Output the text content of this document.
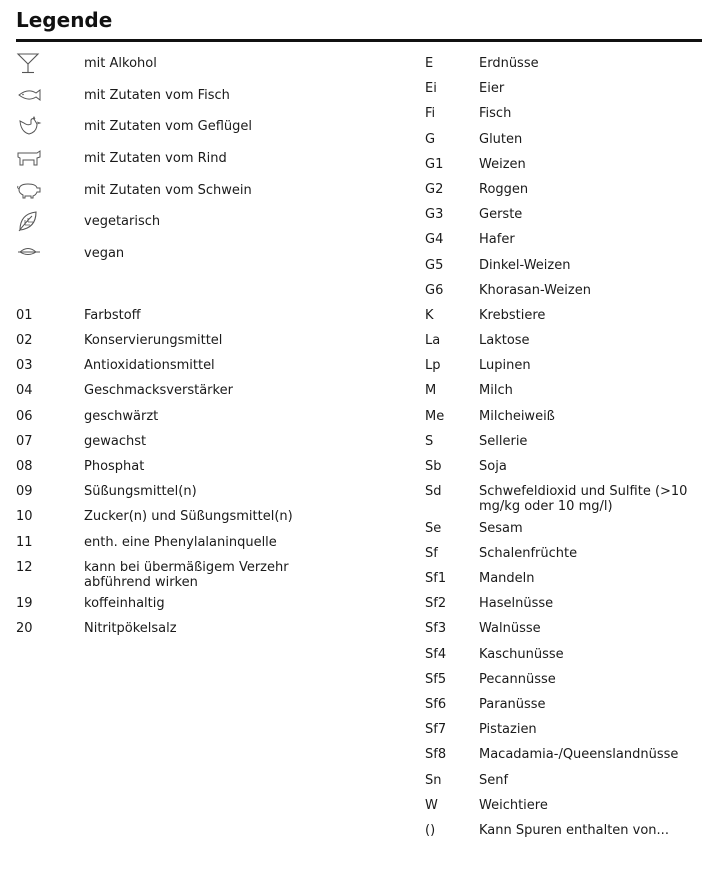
Legende
mit Alkohol
mit Zutaten vom Fisch
mit Zutaten vom Geflügel
mit Zutaten vom Rind
mit Zutaten vom Schwein
vegetarisch
vegan
01	Farbstoff
02	Konservierungsmittel
03	Antioxidationsmittel
04	Geschmacksverstärker
06	geschwärzt
07	gewachst
08	Phosphat
09	Süßungsmittel(n)
10	Zucker(n) und Süßungsmittel(n)
11	enth. eine Phenylalaninquelle
12	kann bei übermäßigem Verzehr abführend wirken
19	koffeinhaltig
20	Nitritpökelsalz
E	Erdnüsse
Ei	Eier
Fi	Fisch
G	Gluten
G1	Weizen
G2	Roggen
G3	Gerste
G4	Hafer
G5	Dinkel-Weizen
G6	Khorasan-Weizen
K	Krebstiere
La	Laktose
Lp	Lupinen
M	Milch
Me	Milcheiweiß
S	Sellerie
Sb	Soja
Sd	Schwefeldioxid und Sulfite (>10 mg/kg oder 10 mg/l)
Se	Sesam
Sf	Schalenfrüchte
Sf1	Mandeln
Sf2	Haselnüsse
Sf3	Walnüsse
Sf4	Kaschunüsse
Sf5	Pecannüsse
Sf6	Paranüsse
Sf7	Pistazien
Sf8	Macadamia-/Queenslandnüsse
Sn	Senf
W	Weichtiere
()	Kann Spuren enthalten von...
